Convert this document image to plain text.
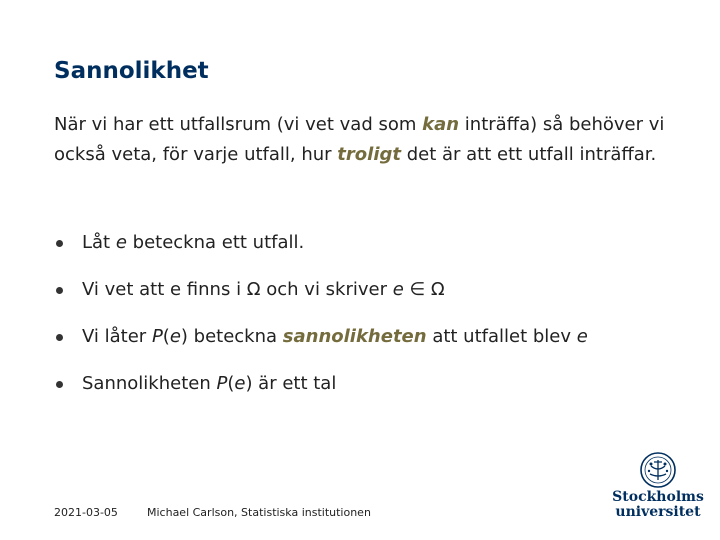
Sannolikhet
När vi har ett utfallsrum (vi vet vad som kan inträffa) så behöver vi också veta, för varje utfall, hur troligt det är att ett utfall inträffar.
Låt e beteckna ett utfall.
Vi vet att e finns i Ω och vi skriver e ∈ Ω
Vi låter P(e) beteckna sannolikheten att utfallet blev e
Sannolikheten P(e) är ett tal
2021-03-05	Michael Carlson, Statistiska institutionen
Stockholms
universitet
